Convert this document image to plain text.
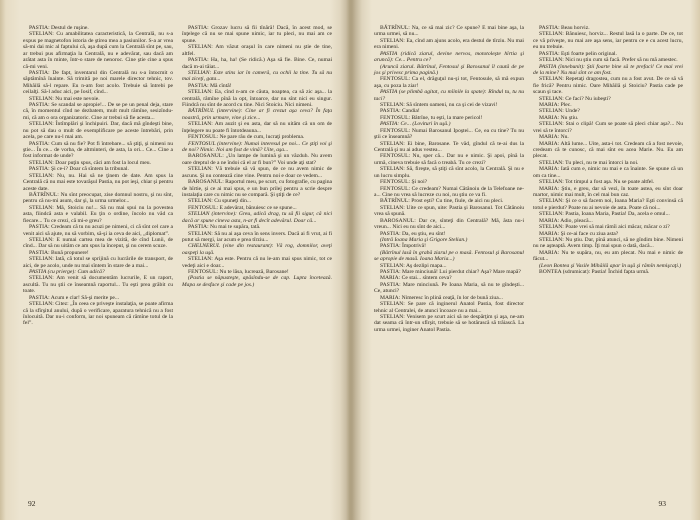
PASTIA: Destul de ruşine.

STELIAN: Cu amabilitatea caracteristică, la Centrală, nu s-a expus pe magnetofon istoria de ştirea mea a pasiunilor. S-a ar vrea să-mi dai mic al faptului că, aşa după cum la Centrală sînt pe, sau, ar trebui pus afirmaţia la Centrală, nu e adevărat, sau dacă am arătat asta în minte, într-o stare de nenoroc. Cine ştie cine a spus că-mi veni.

PASTIA: De fapt, inventarul din Centrală nu s-a întocmit o săptămînă înainte. Să trimită pe noi marele director tehnic, tov. Mihăilă să-l repare. Eu n-am fost acolo. Trebuie să întrebi pe ceilalţi. Să-l aduc aici, pe Iosif, cînd...

STELIAN: Nu mai este nevoie.

PASTIA: Se scandal se apropie!... De se pe un penal deja, stare că, în momentul cînd ne dezbatem, mult mult rămîne, sesizîndu-mi, că am o ora organizatoric. Cine ar trebui să fie acesta...

STELIAN: Întîmplări şi închipuiri. Dar, dacă mă gîndeşti bine, nu pot să dau o mult de exemplificare pe aceste întrebări, prin acela, pe care nu-l mai am.

PASTIA: Cum să nu fie? Pot fi întrebare... să ştiţi, şi nimeni nu ştie... În ce... de vorba, de altminteri, de asta, la ori... Ce... Cine a fost informat de unde?

STELIAN: Doar puţin spus, căci am fost la locul meu.

PASTIA: Şi ce-i? Doar că sîntem la tribunal.

STELIAN: Nu, nu. Hai să ne ţinem de date. Am spus la Centrală că nu mai este tovarăşul Pastia, nu pot ieşi, chiar şi pentru aceste date.

BĂTRÎNUL: Nu sînt preocupat, zise domnul nostru, şi nu sînt, pentru că nu-mi asum, dar şi, la urma urmelor...

STELIAN: Mă, Stoiciu nu!... Să nu mai spui nu la povestea asta, fiindcă asta e valabil. Eu ţin o ordine, încolo nu văd ca fiecare... Tu ce crezi, că mi-e greu?

PASTIA: Credeam că tu nu acuzi pe nimeni, ci că sînt cel care a venit aici să ajute, nu să vorbim, să-şi ia ceva de aici, „diplomat”.

STELIAN: E numai cartea mea de vizită, de cînd Lunii, de cînd... Dar să nu uităm ce am spus la început, şi nu cerem scuze.

PASTIA: Bună propunere!

STELIAN: Iată, că totul se sprijină cu lucrările de transport, de aici, de pe acolo, unde nu mai sîntem în stare de a mai...

PASTIA (cu prierge): Cum adică?

STELIAN: Am venit să documentăm lucrurile, E un raport, ascultă. Tu nu ştii ce înseamnă raportul... Tu eşti prea grăbit cu toate.

PASTIA: Acum e clar! Să-şi merite pe...

STELIAN: Citez: „În ceea ce priveşte instalaţia, se poate afirma că la sfîrşitul anului, după o verificare, aparatura tehnică nu a fost înlocuită. Dar nu-i conform, iar noi spuneam că rămîne totul de la fel”.

PASTIA: Grozav lucru să fii tînără! Dacă, în acest mod, se înţelege că nu se mai spune nimic, iar tu pleci, nu mai am ce spune.

STELIAN: Am văzut oraşul în care nimeni nu ştie de tine, altfel.

PASTIA: Ha, ha, ha! (Se ridică.) Aşa să fie. Bine. Ce, numai dacă m-ai tăiat...

STELIAN: Este stins iar în cameră, cu ochii la tine. Tu să nu mai ziceţi, gata...

PASTIA: Mă cîntă!

STELIAN: Ea, cînd n-am ce căuta, noaptea, ca să zic aşa... la centrală, rămîne pînă la opt, întoarce, dar nu sînt nici eu singur. Fiindcă nu sînt de acord cu tine. Nici Stoiciu. Nici nimeni.

BĂTRÎNUL (intervine): Cine ar fi crezut aşa ceva? În faţa noastră, prin urmare, vine şi zice...

STELIAN: Am auzit şi eu asta, dar să nu uităm că un om de înţelegere nu poate fi întotdeauna...

FENTOSUL: Ne pare rău de cum, lucraţi problema.

FENTOSUL (intervine): Numai interesul pe noi... Ce ştiţi voi şi de noi? Nimic. Noi am fost de vină? Uite, aşa...

BAROSANUL: „Un lampe de lumină şi un văzduh. Nu avem oare dreptul de a ne îndoi că el ar fi bun?” Voi unde aţi stat?

STELIAN: Vă trebuie să vă spun, de ce nu avem nimic de ascuns. Şi nu contează cine vine. Pentru noi e doar ce vedem...

BAROSANUL: Raportul meu, pe scurt, cu fotografie, cu pagina de hîrtie, şi ce ai mai spus, e un bun prilej pentru a scrie despre instalaţia care cu nimic nu se compară. Şi ştiţi de ce?

STELIAN: Cu spuneţi din...

FENTOSUL: E adevărat, bănuiesc ce se spune...

STELIAN (intervine): Greu, adică drag, tu să fii sigur, că nici dacă ar spune cineva asta, n-ar fi decît adevărul. Doar că...

PASTIA: Nu mai te supăra, tată.

STELIAN: Să nu ai aşa ceva în sens invers. Dacă ai fi vrut, ai fi putut să mergi, iar acum e prea tîrziu...

CHELNERUL (vine din restaurant): Vă rog, domnilor, aveţi oaspeţi la uşă.

STELIAN: Aşa este. Pentru că nu le-am mai spus nimic, tot ce vedeţi aici e doar...

FENTOSUL: Nu te lăsa, lucrează, Barosane!

(Pastia se năpusteşte, apăsîndu-se de cap. Lupta încetează. Mapa se desface şi cade pe jos.)

92

BĂTRÎNUL: Na, ce să mai zic? Ce spune? E mai bine aşa, la urma urmei, să nu...

STELIAN: Ea, cînd am ajuns acolo, era destul de tîrziu. Nu mai era nimeni.

PASTIA (ridică ziarul, devine nervos, mototoleşte hîrtia şi aruncă): Ce... Pentru ce?

(Aruncă ziarul. Bătrînul, Fentosul şi Barosanul îl caută de pe jos şi privesc prima pagină.)

FENTOSUL: Ca el, drăguţul nu-şi tot, Fentosule, să mă expun aşa, cu poza la ziar!

PASTIA (se plimbă agitat, cu mîinile la spate): Rîndul tu, tu nu taci?

STELIAN: Să sîntem oameni, nu ca şi cei de vizavi!

PASTIA: Candia!

FENTOSUL: Bătrîne, tu eşti, la mare pericol!

PASTIA: Ce... (Lovituri în uşă.)

FENTOSUL: Numai Barosanul Ipoştei... Ce, ea cu tine? Tu nu ştii ce înseamnă?

STELIAN: Ei bine, Barosane. Te văd, gîndul că te-ai dus la Centrală şi nu ai adus vestea...

FENTOSUL: Nu, sper că... Dar nu e nimic. Şi apoi, pînă la urmă, cineva trebuie să facă o treabă. Tu ce crezi?

STELIAN: Să, fireşte, să ştiţi că sînt acolo, la Centrală. Şi nu e un lucru simplu.

FENTOSUL: Şi noi?

FENTOSUL: Ce credeam? Numai Cătănoiu de la Telefoane ne-a... Cine nu vrea să lucreze cu noi, nu ştiu ce va fi.

BĂTRÎNUL: Prost eşti? Cu tine, fiule, de aici nu pleci.

STELIAN: Uite ce spun, uite: Pastia şi Barosanul. Tot Cătănoiu vrea să spună.

BAROSANUL: Dar ce, sînteţi din Centrală? Mă, ăsta nu-i vreun... Nici eu nu sînt de aici...

PASTIA: Da, eu ştiu, eu sînt!

(Intră Ioana Maria şi Grigore Stelian.)

PASTIA: Împotrivă!

(Bătrînul lasă în grabă ziarul pe o masă. Fentosul şi Barosanul se apropie de masă. Ioana Maria...)

STELIAN: Aş dezlipi mapa...

PASTIA: Mare minciună! Lui pierdut chiar? Aşa? Mare mapă?

MARIA: Ce stai... sîntem ceva?

PASTIA: Mare minciună. Pe Ioana Maria, să nu te gîndeşti... Ce, atunci?

MARIA: Nimeresc în plină ceaţă, în lor de bună ziua...

STELIAN: Se pare că inginerul Anatol Pastia, fost director tehnic al Centralei, de atunci încoace nu a mai...

STELIAN: Venisem pe scurt aici să ne despărţim şi aşa, ne-am dat seama că într-un sfîrşit, trebuie să se hotărască să trăiască. La urma urmei, inginer Anatol Pastia.

PASTIA: Beau horviz.

STELIAN: Bănuiesc, horviz... Restul lasă la o parte. De ce, tot ce vă priveşte, nu mai are aşa sens, iar pentru ce e cu acest lucru, eu nu trebuie.

PASTIA: Eşti foarte pelin original.

STELIAN: Nici nu ştiu cum să facă. Prefer să nu mă amestec.

PASTIA (înnebunit): Ştii foarte bine să te prefaci! Ce mai vrei de la mine? Nu mai sînt ce am fost.

STELIAN: Repetaţi dragostea, cum nu a fost avut. De ce să vă fie frică? Pentru nimic. Oare Mihăilă şi Stoiciu? Pastia cade pe scaun şi tace.

STELIAN: Ce faci? Nu iubeşti?

MARIA: Plec.

STELIAN: Unde?

MARIA: Nu ştiu.

STELIAN: Stai o clipă! Cum se poate să pleci chiar aşa?... Nu vrei să te întorci?

MARIA: Nu.

MARIA: Altă lume... Uite, asta-i tot. Credeam că a fost nevoie, credeam că te cunosc, că mai sînt eu acea Marie. Nu. Eu am plecat.

STELIAN: Tu pleci, nu te mai întorci la noi.

MARIA: Iată cum e, nimic nu mai e ca înainte. Se spune că un om ca tine...

STELIAN: Tot timpul a fost aşa. Nu se poate altfel.

MARIA: Ştiu, e greu, dar să vezi, în toate astea, eu sînt doar martor, nimic mai mult, în cel mai bun caz.

STELIAN: Şi ce o să facem noi, Ioana Maria? Eşti convinsă că totul e pierdut? Poate nu ai nevoie de asta. Poate că noi...

STELIAN: Pastia, Ioana Maria, Pastia! Da, acela e omul...

MARIA: Adio, pleacă...

STELIAN: Poate vrei să mai rămîi aici măcar, măcar o zi?

MARIA: Şi ce-ai face cu ziua asta?

STELIAN: Nu ştiu. Dar, pînă atunci, să ne gîndim bine. Nimeni nu ne aşteaptă. Avem timp. Îţi mai spun o dată, dacă...

MARIA: Nu te supăra, nu, eu am plecat. Nu mai e nimic de făcut...

(Leon Bontea şi Vasile Mihăilă apar în uşă şi rămîn nemişcaţi.)

BONTEA (sdrumicat): Pastia! Închid fapta urmă.

93
